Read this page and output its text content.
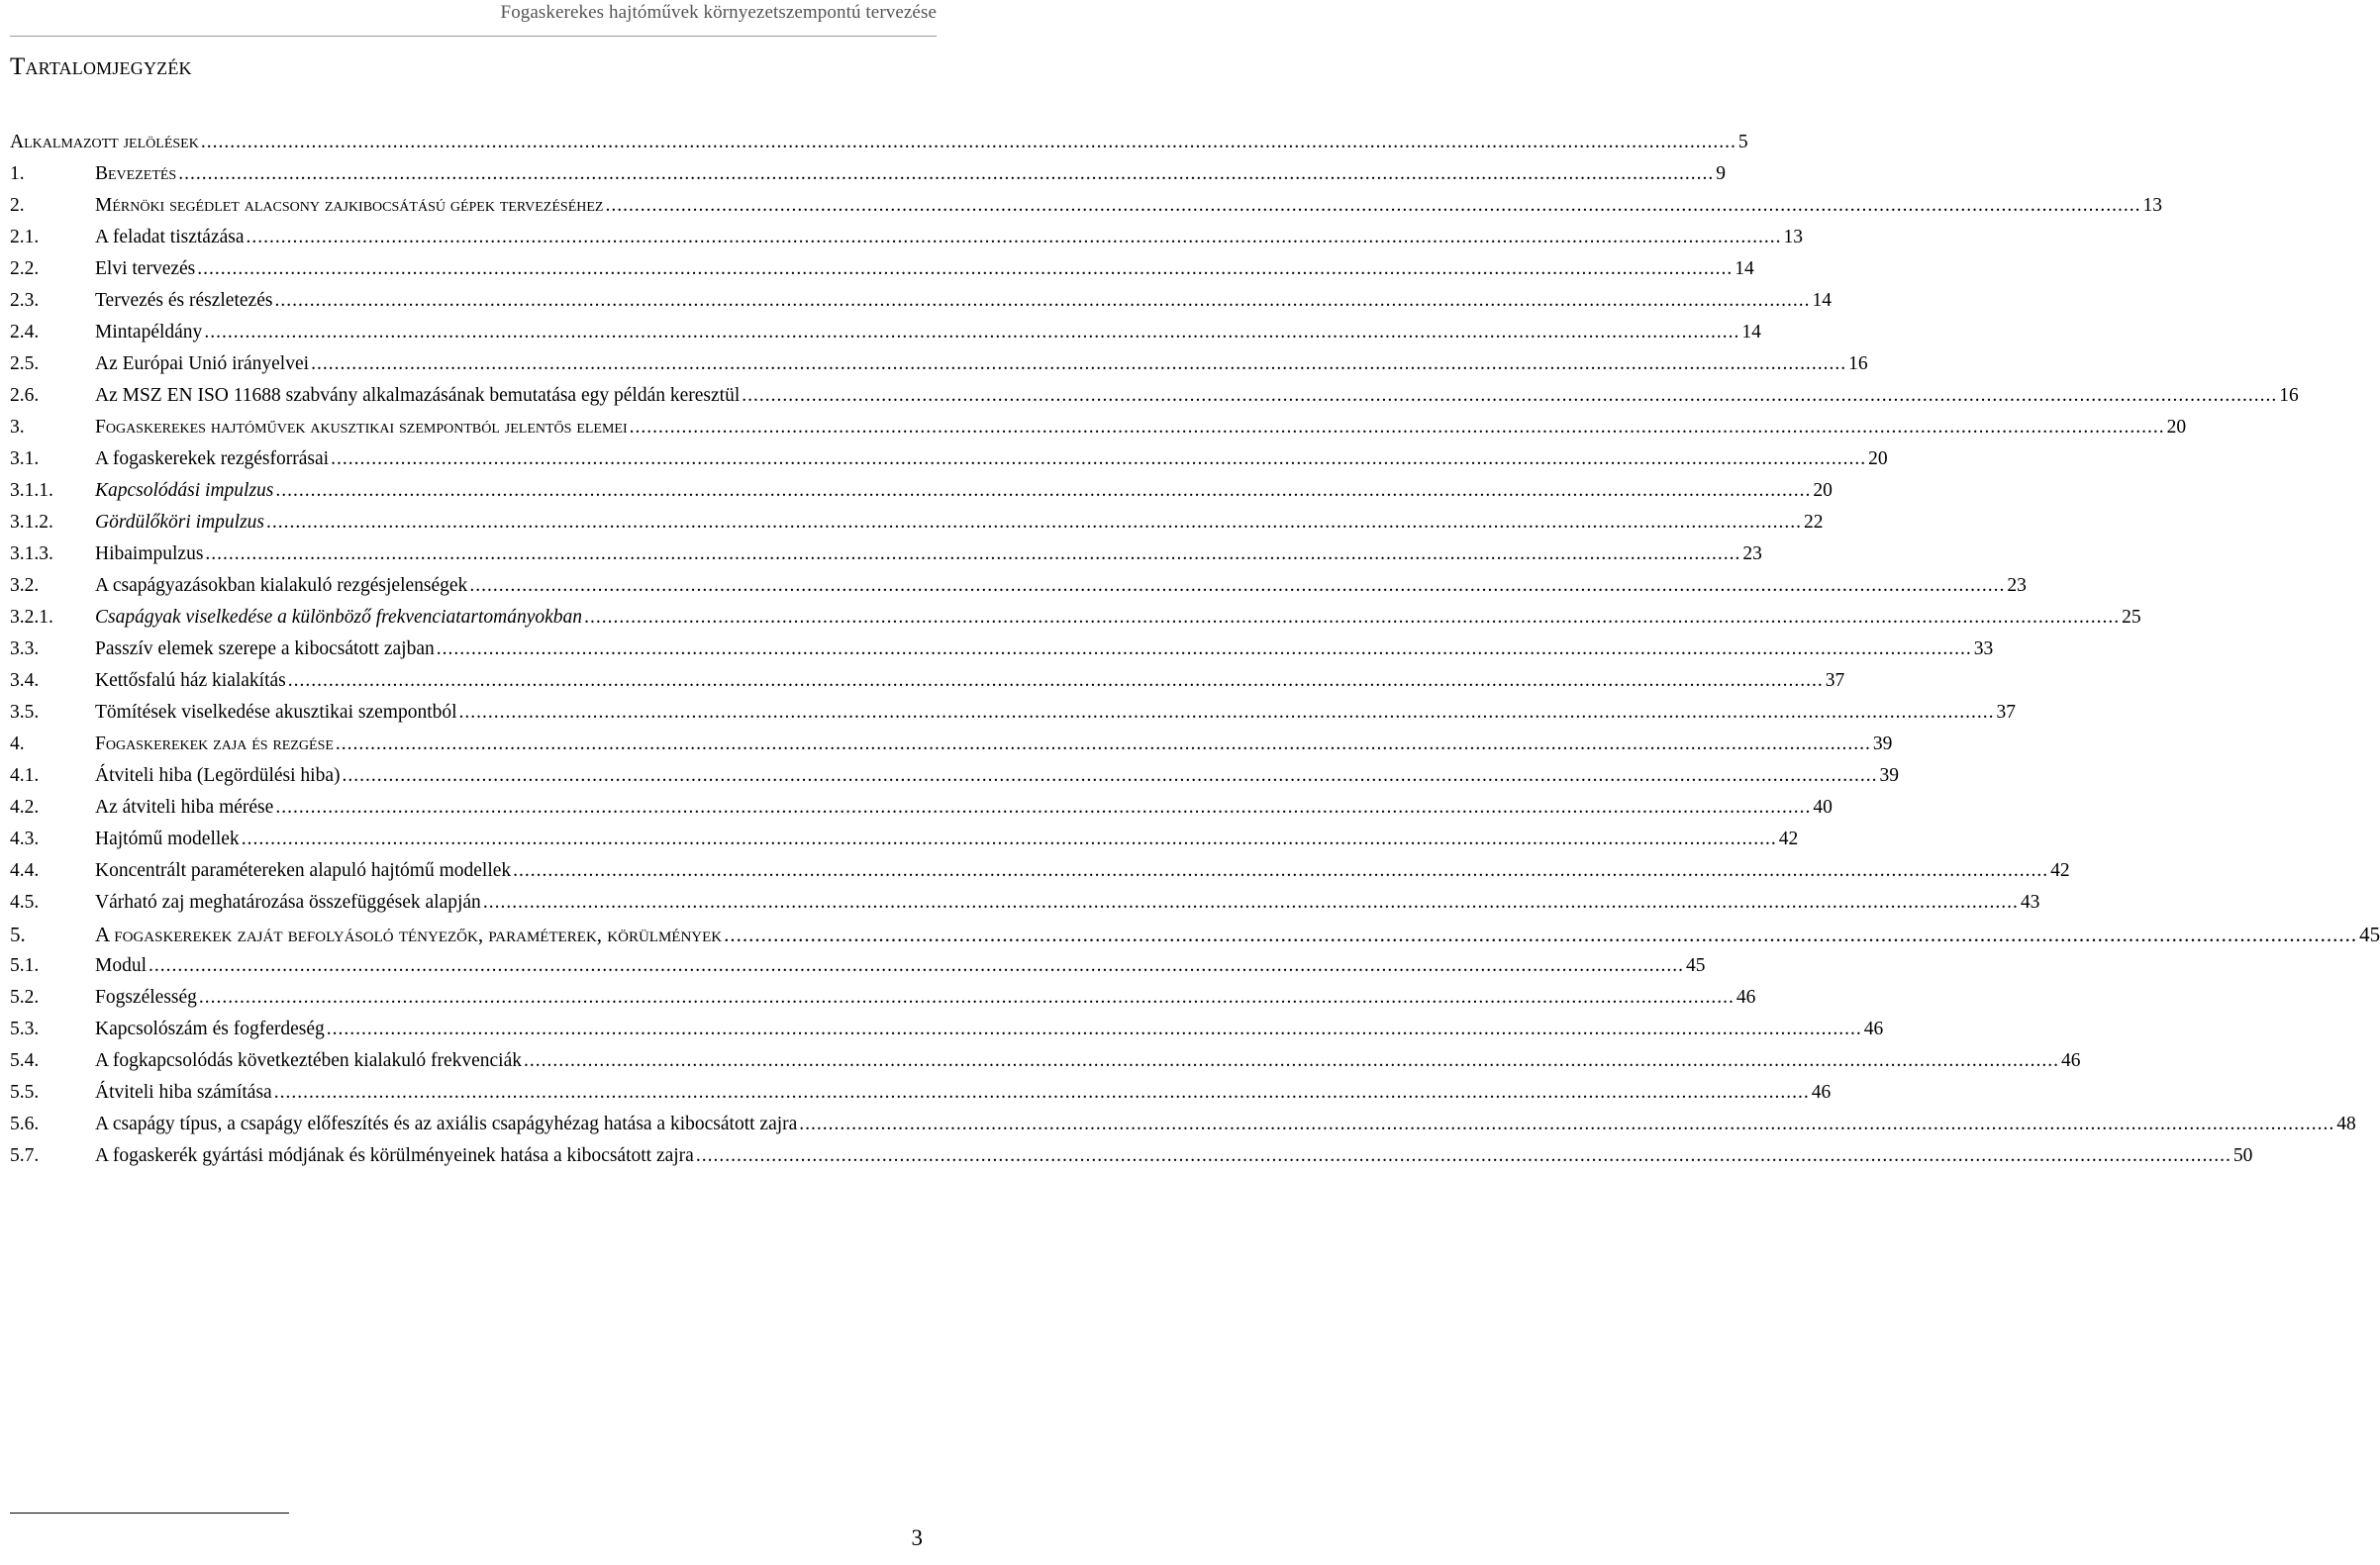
Fogaskerekes hajtóművek környezetszempontú tervezése
Tartalomjegyzék
Alkalmazott jelölések .....	5
1.	Bevezetés .....	9
2.	Mérnöki segédlet alacsony zajkibocsátású gépek tervezéséhez .....	13
2.1.	A feladat tisztázása .....	13
2.2.	Elvi tervezés .....	14
2.3.	Tervezés és részletezés .....	14
2.4.	Mintapéldány .....	14
2.5.	Az Európai Unió irányelvei .....	16
2.6.	Az MSZ EN ISO 11688 szabvány alkalmazásának bemutatása egy példán keresztül .....	16
3.	Fogaskerekes hajtóművek akusztikai szempontból jelentős elemei .....	20
3.1.	A fogaskerekek rezgésforrásai .....	20
3.1.1.	Kapcsolódási impulzus .....	20
3.1.2.	Gördülőköri impulzus .....	22
3.1.3.	Hibaimpulzus .....	23
3.2.	A csapágyazásokban kialakuló rezgésjelenségek .....	23
3.2.1.	Csapágyak viselkedése a különböző frekvenciatartományokban .....	25
3.3.	Passzív elemek szerepe a kibocsátott zajban .....	33
3.4.	Kettősfalú ház kialakítás .....	37
3.5.	Tömítések viselkedése akusztikai szempontból .....	37
4.	Fogaskerekek zaja és rezgése .....	39
4.1.	Átviteli hiba (Legördülési hiba) .....	39
4.2.	Az átviteli hiba mérése .....	40
4.3.	Hajtómű modellek .....	42
4.4.	Koncentrált paramétereken alapuló hajtómű modellek .....	42
4.5.	Várható zaj meghatározása összefüggések alapján .....	43
5.	A fogaskerekek zaját befolyásoló tényezők, paraméterek, körülmények .....	45
5.1.	Modul .....	45
5.2.	Fogszélesség .....	46
5.3.	Kapcsolószám és fogferdeség .....	46
5.4.	A fogkapcsolódás következtében kialakuló frekvenciák .....	46
5.5.	Átviteli hiba számítása .....	46
5.6.	A csapágy típus, a csapágy előfeszítés és az axiális csapágyhézag hatása a kibocsátott zajra .....	48
5.7.	A fogaskerék gyártási módjának és körülményeinek hatása a kibocsátott zajra .....	50
3
